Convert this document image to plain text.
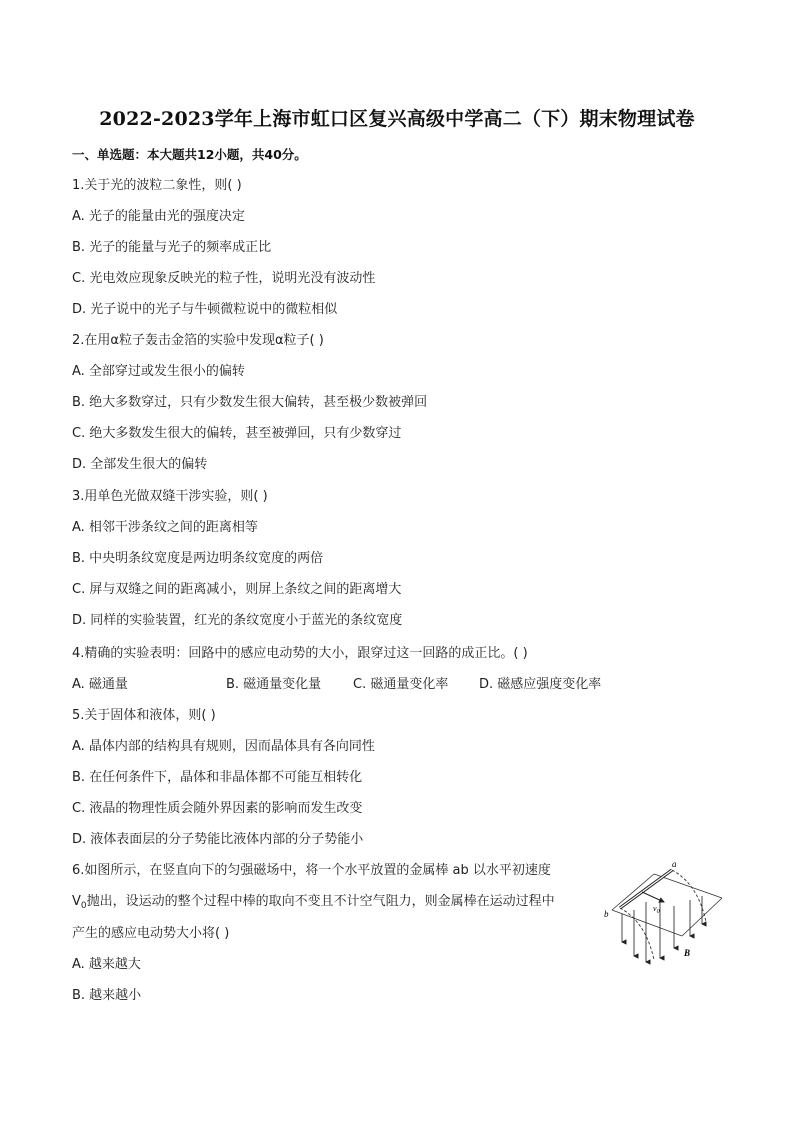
2022-2023学年上海市虹口区复兴高级中学高二（下）期末物理试卷
一、单选题：本大题共12小题，共40分。
1.关于光的波粒二象性，则( )
A. 光子的能量由光的强度决定
B. 光子的能量与光子的频率成正比
C. 光电效应现象反映光的粒子性，说明光没有波动性
D. 光子说中的光子与牛顿微粒说中的微粒相似
2.在用α粒子轰击金箔的实验中发现α粒子( )
A. 全部穿过或发生很小的偏转
B. 绝大多数穿过，只有少数发生很大偏转，甚至极少数被弹回
C. 绝大多数发生很大的偏转，甚至被弹回，只有少数穿过
D. 全部发生很大的偏转
3.用单色光做双缝干涉实验，则( )
A. 相邻干涉条纹之间的距离相等
B. 中央明条纹宽度是两边明条纹宽度的两倍
C. 屏与双缝之间的距离减小，则屏上条纹之间的距离增大
D. 同样的实验装置，红光的条纹宽度小于蓝光的条纹宽度
4.精确的实验表明：回路中的感应电动势的大小，跟穿过这一回路的成正比。( )
A. 磁通量	B. 磁通量变化量 C. 磁通量变化率 D. 磁感应强度变化率
5.关于固体和液体，则( )
A. 晶体内部的结构具有规则，因而晶体具有各向同性
B. 在任何条件下，晶体和非晶体都不可能互相转化
C. 液晶的物理性质会随外界因素的影响而发生改变
D. 液体表面层的分子势能比液体内部的分子势能小
6.如图所示，在竖直向下的匀强磁场中，将一个水平放置的金属棒 ab 以水平初速度
$V_0$抛出，设运动的整个过程中棒的取向不变且不计空气阻力，则金属棒在运动过程中
产生的感应电动势大小将( )
A. 越来越大
B. 越来越小
a
b
$v_0$
B
